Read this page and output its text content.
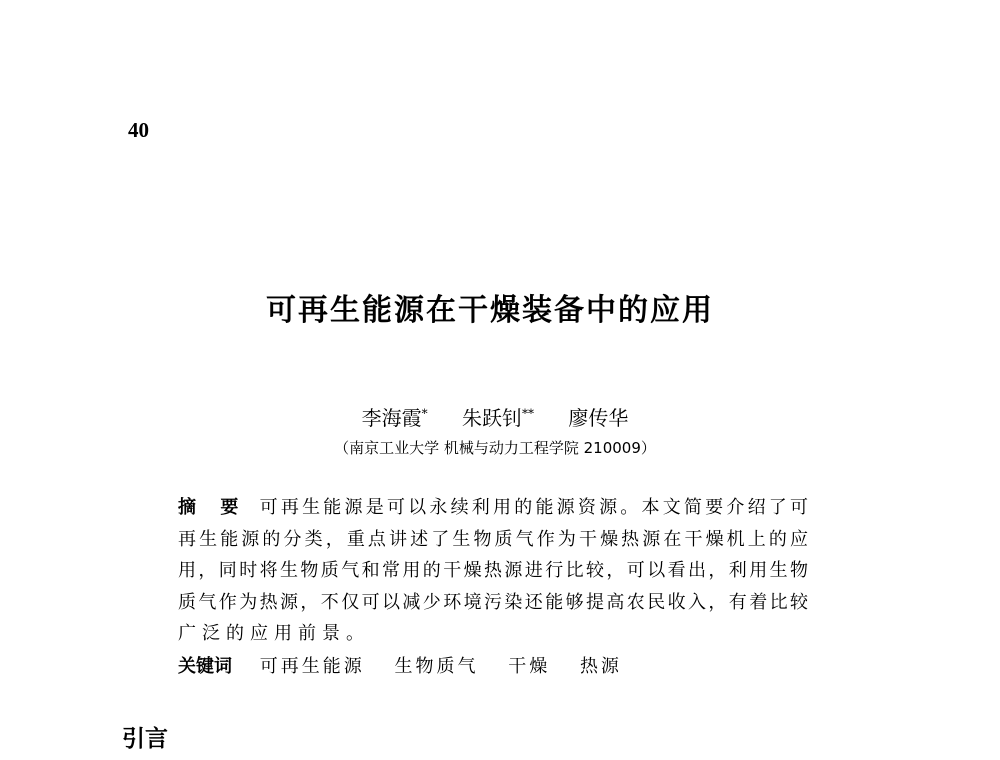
40
可再生能源在干燥装备中的应用
李海霞* 朱跃钊** 廖传华
（南京工业大学 机械与动力工程学院 210009）
摘　要 可再生能源是可以永续利用的能源资源。本文简要介绍了可
再生能源的分类，重点讲述了生物质气作为干燥热源在干燥机上的应
用，同时将生物质气和常用的干燥热源进行比较，可以看出，利用生物
质气作为热源，不仅可以减少环境污染还能够提高农民收入，有着比较
广泛的应用前景。
关键词 可再生能源 生物质气 干燥 热源
引言
